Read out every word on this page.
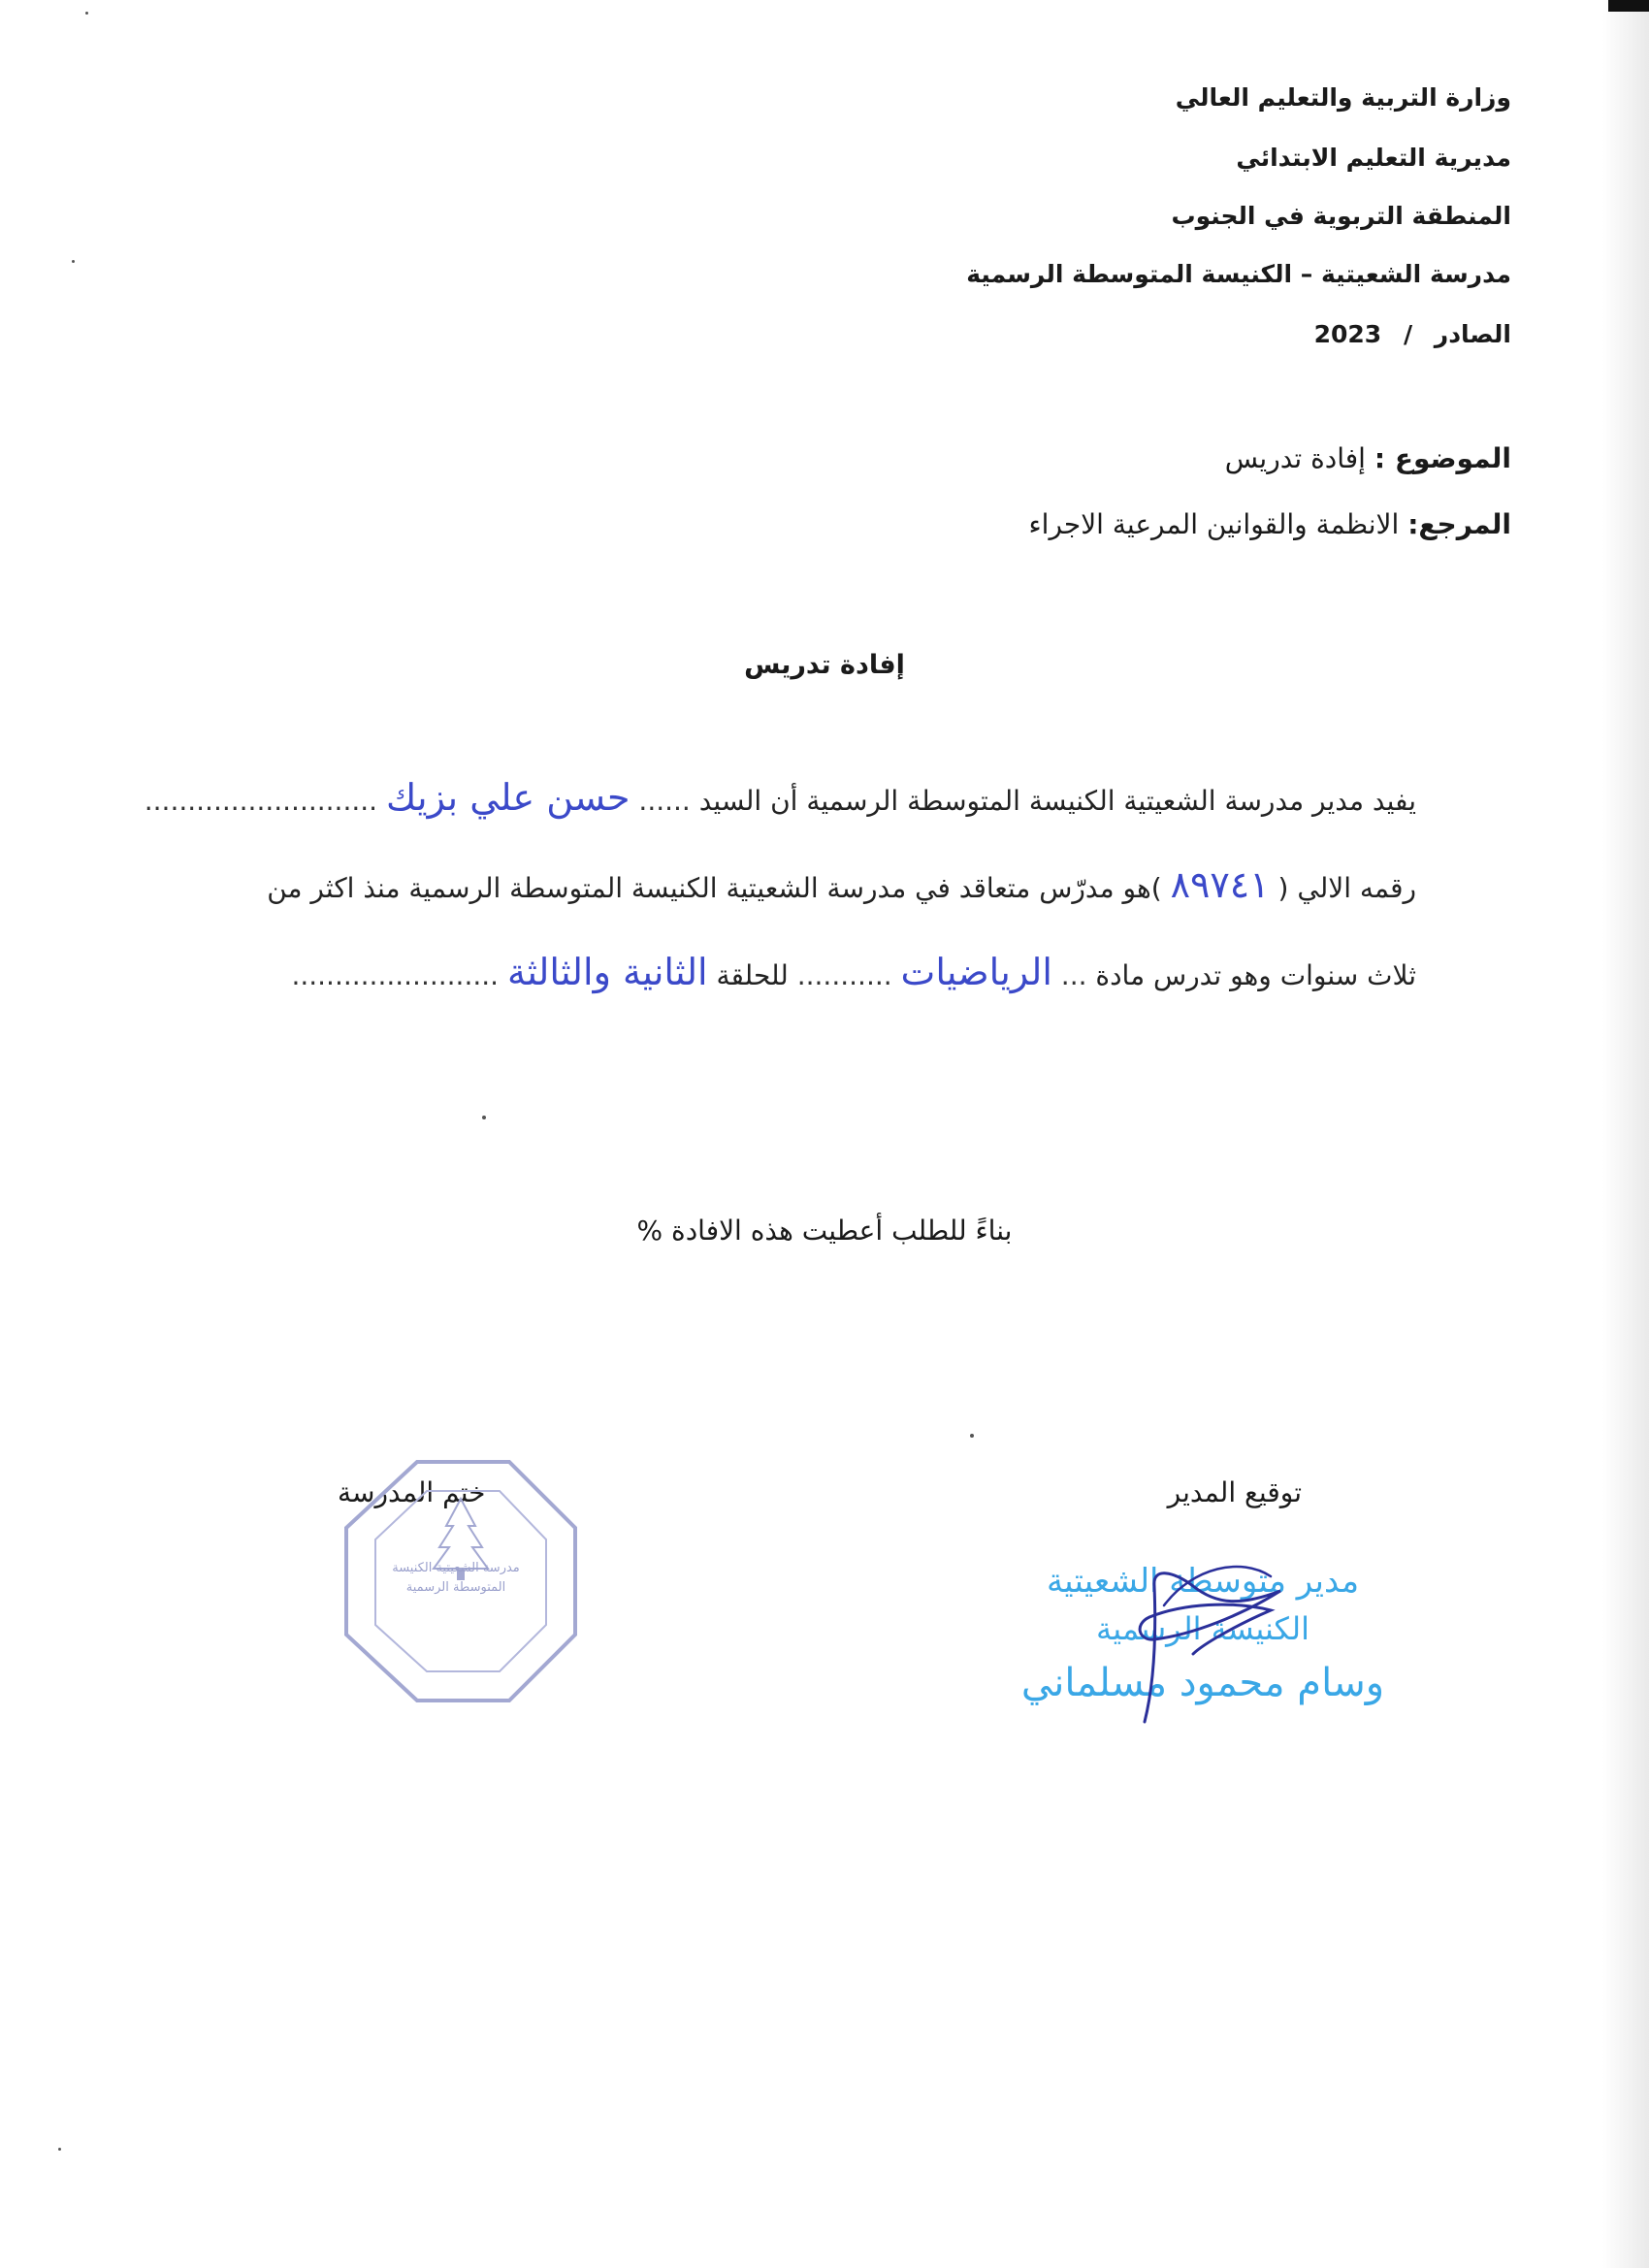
وزارة التربية والتعليم العالي
مديرية التعليم الابتدائي
المنطقة التربوية في الجنوب
مدرسة الشعيتية – الكنيسة المتوسطة الرسمية
الصادر / 2023
الموضوع : إفادة تدريس
المرجع: الانظمة والقوانين المرعية الاجراء
إفادة تدريس
يفيد مدير مدرسة الشعيتية الكنيسة المتوسطة الرسمية أن السيد ...... حسن علي بزيك ...........................
رقمه الالي ( ٨٩٧٤١ )هو مدرّس متعاقد في مدرسة الشعيتية الكنيسة المتوسطة الرسمية منذ اكثر من
ثلاث سنوات وهو تدرس مادة ... الرياضيات ........... للحلقة الثانية والثالثة ........................
بناءً للطلب أعطيت هذه الافادة %
توقيع المدير
ختم المدرسة
مدرسة الشعيتية الكنيسة
المتوسطة الرسمية	مدير متوسطة الشعيتية
الكنيسة الرسمية
وسام محمود مسلماني
